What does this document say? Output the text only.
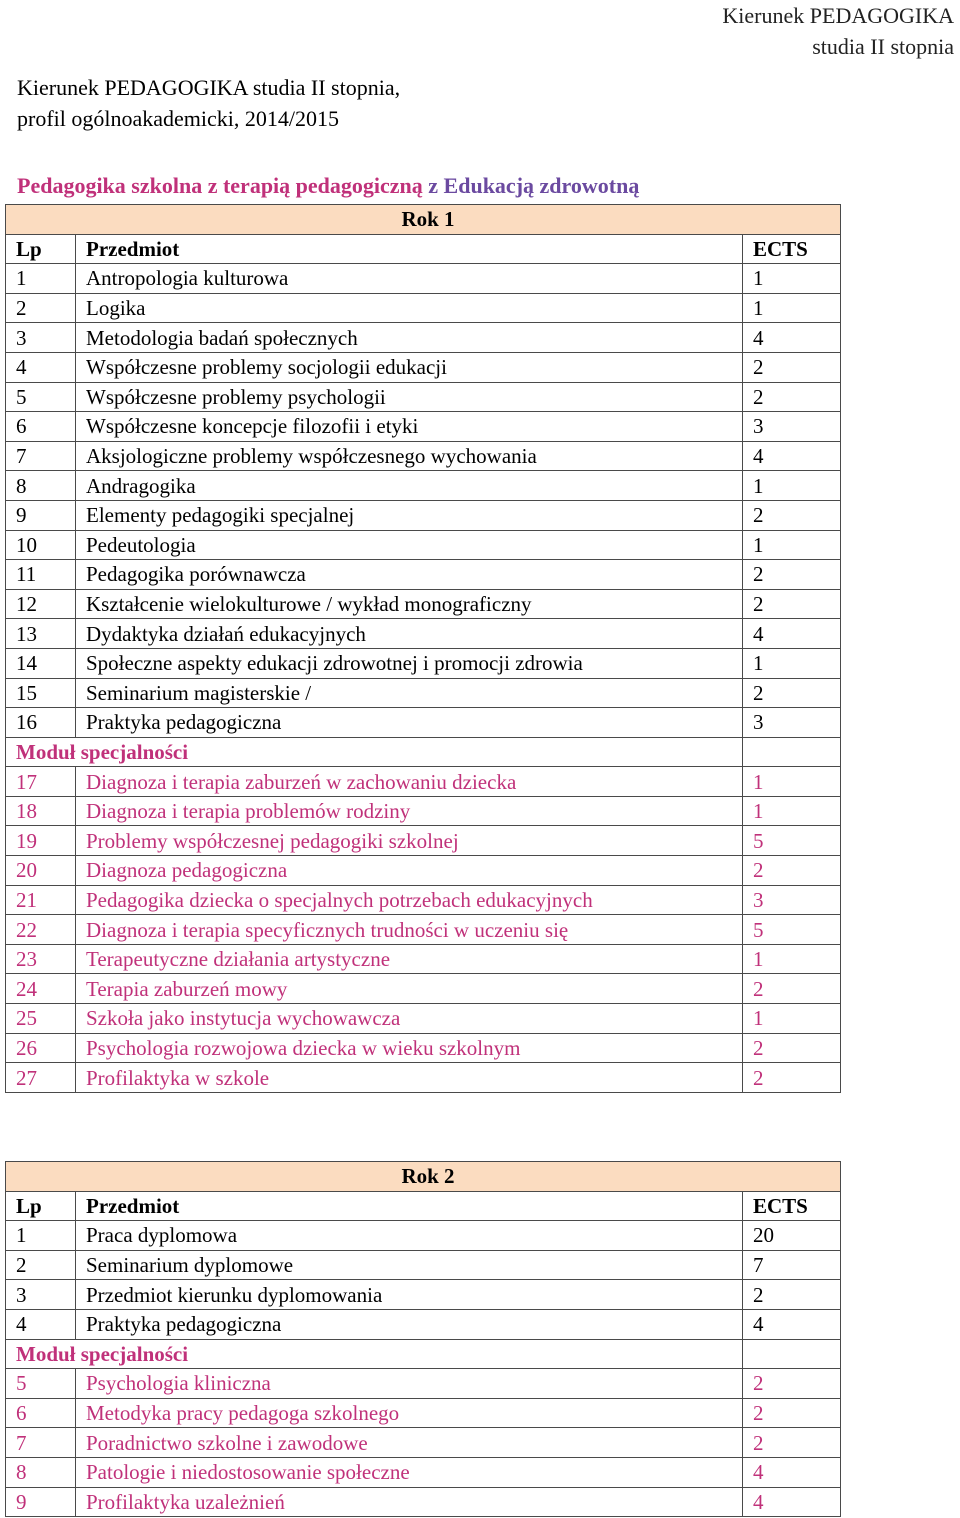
Kierunek PEDAGOGIKA
studia II stopnia
Kierunek PEDAGOGIKA studia II stopnia,
profil ogólnoakademicki, 2014/2015
Pedagogika szkolna z terapią pedagogiczną z Edukacją zdrowotną
Rok 1		
Lp	Przedmiot	ECTS
1	Antropologia kulturowa	1
2	Logika	1
3	Metodologia badań społecznych	4
4	Współczesne problemy socjologii edukacji	2
5	Współczesne problemy psychologii	2
6	Współczesne koncepcje filozofii i etyki	3
7	Aksjologiczne problemy współczesnego wychowania	4
8	Andragogika	1
9	Elementy pedagogiki specjalnej	2
10	Pedeutologia	1
11	Pedagogika porównawcza	2
12	Kształcenie wielokulturowe / wykład monograficzny	2
13	Dydaktyka działań edukacyjnych	4
14	Społeczne aspekty edukacji zdrowotnej i promocji zdrowia	1
15	Seminarium magisterskie /	2
16	Praktyka pedagogiczna	3
Moduł specjalności		
17	Diagnoza i terapia zaburzeń w zachowaniu dziecka	1
18	Diagnoza i terapia problemów rodziny	1
19	Problemy współczesnej pedagogiki szkolnej	5
20	Diagnoza pedagogiczna	2
21	Pedagogika dziecka o specjalnych potrzebach edukacyjnych	3
22	Diagnoza i terapia specyficznych trudności w uczeniu się	5
23	Terapeutyczne działania artystyczne	1
24	Terapia zaburzeń mowy	2
25	Szkoła jako instytucja wychowawcza	1
26	Psychologia rozwojowa dziecka w wieku szkolnym	2
27	Profilaktyka w szkole	2
Rok 2		
Lp	Przedmiot	ECTS
1	Praca dyplomowa	20
2	Seminarium dyplomowe	7
3	Przedmiot kierunku dyplomowania	2
4	Praktyka pedagogiczna	4
Moduł specjalności		
5	Psychologia kliniczna	2
6	Metodyka pracy pedagoga szkolnego	2
7	Poradnictwo szkolne i zawodowe	2
8	Patologie i niedostosowanie społeczne	4
9	Profilaktyka uzależnień	4
